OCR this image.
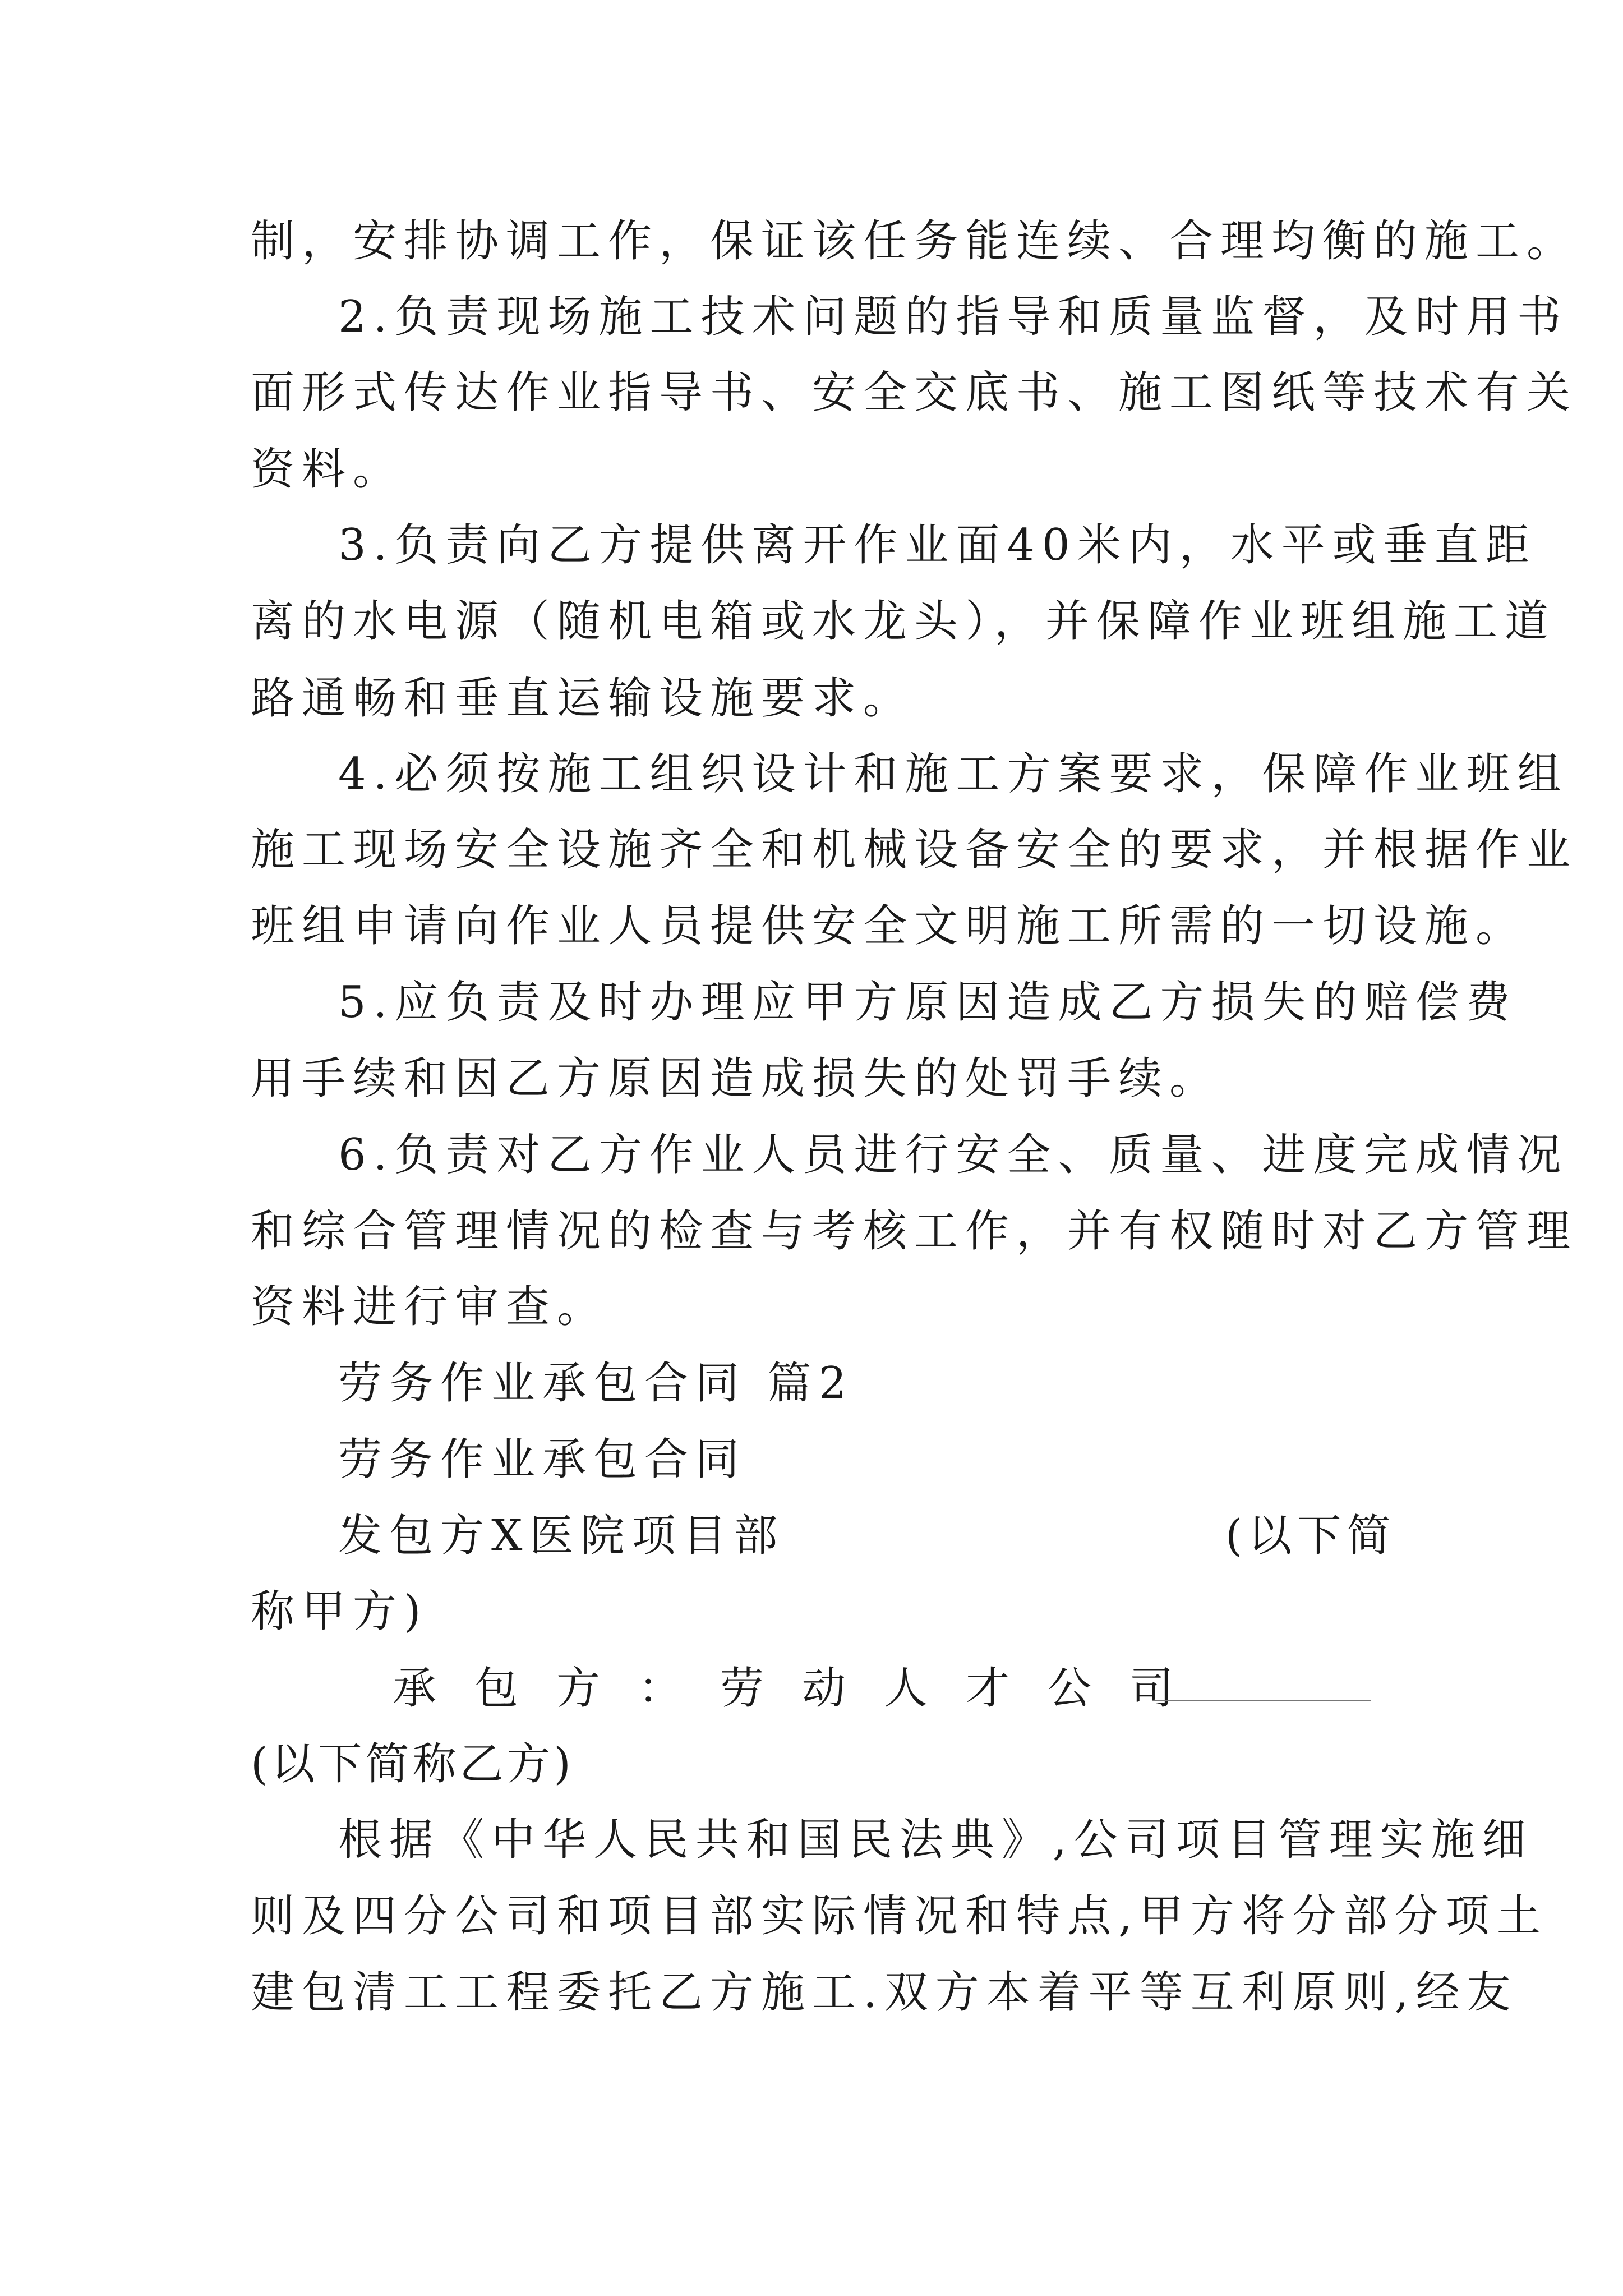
制，安排协调工作，保证该任务能连续、合理均衡的施工。
2.负责现场施工技术问题的指导和质量监督，及时用书
面形式传达作业指导书、安全交底书、施工图纸等技术有关
资料。
3.负责向乙方提供离开作业面40米内，水平或垂直距
离的水电源（随机电箱或水龙头），并保障作业班组施工道
路通畅和垂直运输设施要求。
4.必须按施工组织设计和施工方案要求，保障作业班组
施工现场安全设施齐全和机械设备安全的要求，并根据作业
班组申请向作业人员提供安全文明施工所需的一切设施。
5.应负责及时办理应甲方原因造成乙方损失的赔偿费
用手续和因乙方原因造成损失的处罚手续。
6.负责对乙方作业人员进行安全、质量、进度完成情况
和综合管理情况的检查与考核工作，并有权随时对乙方管理
资料进行审查。
劳务作业承包合同 篇2
劳务作业承包合同
发包方X医院项目部	(以下简
称甲方)
承包方：劳动人才公司
(以下简称乙方)
根据《中华人民共和国民法典》,公司项目管理实施细
则及四分公司和项目部实际情况和特点,甲方将分部分项土
建包清工工程委托乙方施工.双方本着平等互利原则,经友
